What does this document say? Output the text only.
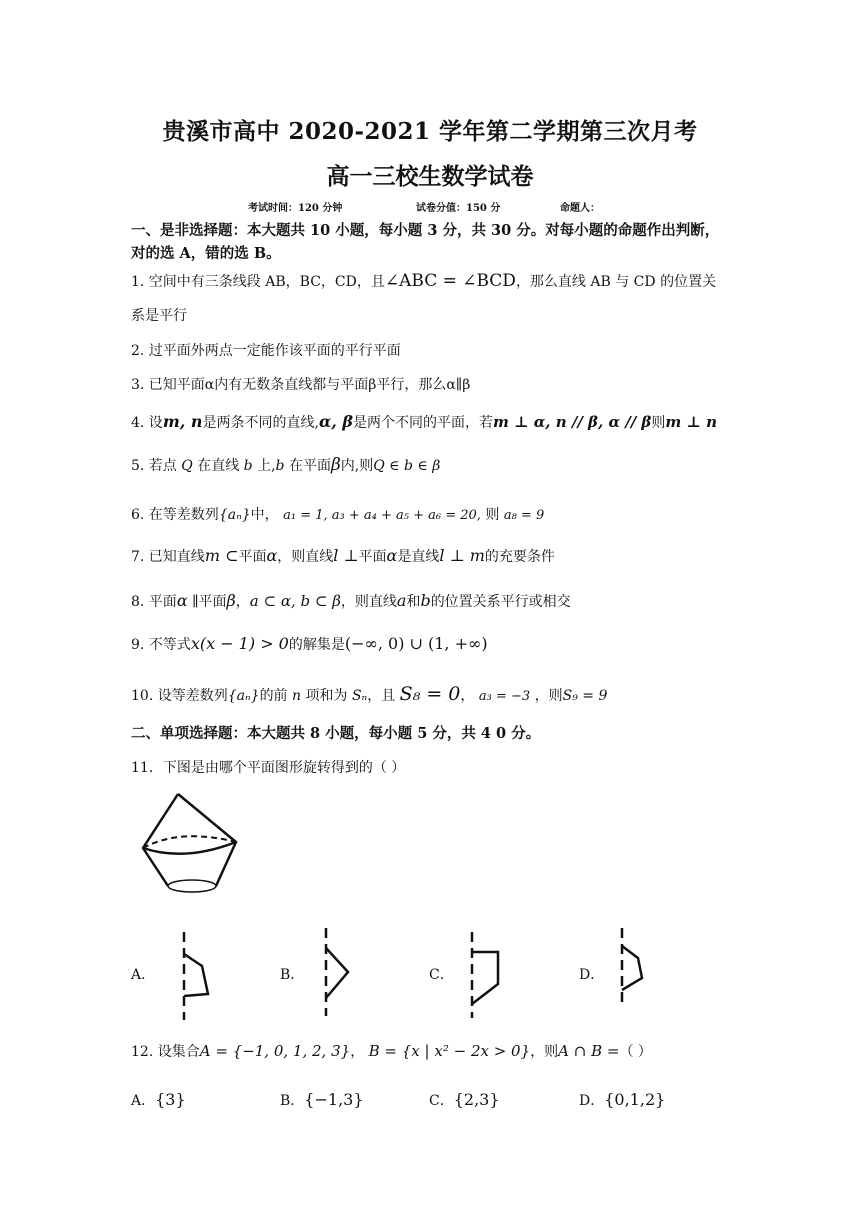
贵溪市高中 2020-2021 学年第二学期第三次月考
高一三校生数学试卷
考试时间：120 分钟	试卷分值：150 分	命题人：
一、是非选择题：本大题共 10 小题，每小题 3 分，共 30 分。对每小题的命题作出判断，
对的选 A，错的选 B。
1. 空间中有三条线段 AB，BC，CD，且∠ABC = ∠BCD，那么直线 AB 与 CD 的位置关
系是平行
2. 过平面外两点一定能作该平面的平行平面
3. 已知平面α内有无数条直线都与平面β平行，那么α∥β
4. 设m, n是两条不同的直线,α, β是两个不同的平面，若m ⊥ α, n // β, α // β则m ⊥ n
5. 若点 Q 在直线 b 上,b 在平面β内,则Q ∈ b ∈ β
6. 在等差数列{aₙ}中， a₁ = 1, a₃ + a₄ + a₅ + a₆ = 20, 则 a₈ = 9
7. 已知直线m ⊂平面α，则直线l ⊥平面α是直线l ⊥ m的充要条件
8. 平面α ∥平面β，a ⊂ α, b ⊂ β，则直线a和b的位置关系平行或相交
9. 不等式x(x − 1) > 0的解集是(−∞, 0) ∪ (1, +∞)
10. 设等差数列{aₙ}的前 n 项和为 Sₙ，且 S₈ = 0， a₃ = −3 ，则S₉ = 9
二、单项选择题：本大题共 8 小题，每小题 5 分，共 4 0 分。
11．下图是由哪个平面图形旋转得到的（ ）
A．	B．	C．	D．
12. 设集合A = {−1, 0, 1, 2, 3}， B = {x | x² − 2x > 0}，则A ∩ B =（ ）
A．{3}	B．{−1,3}	C．{2,3}	D．{0,1,2}
